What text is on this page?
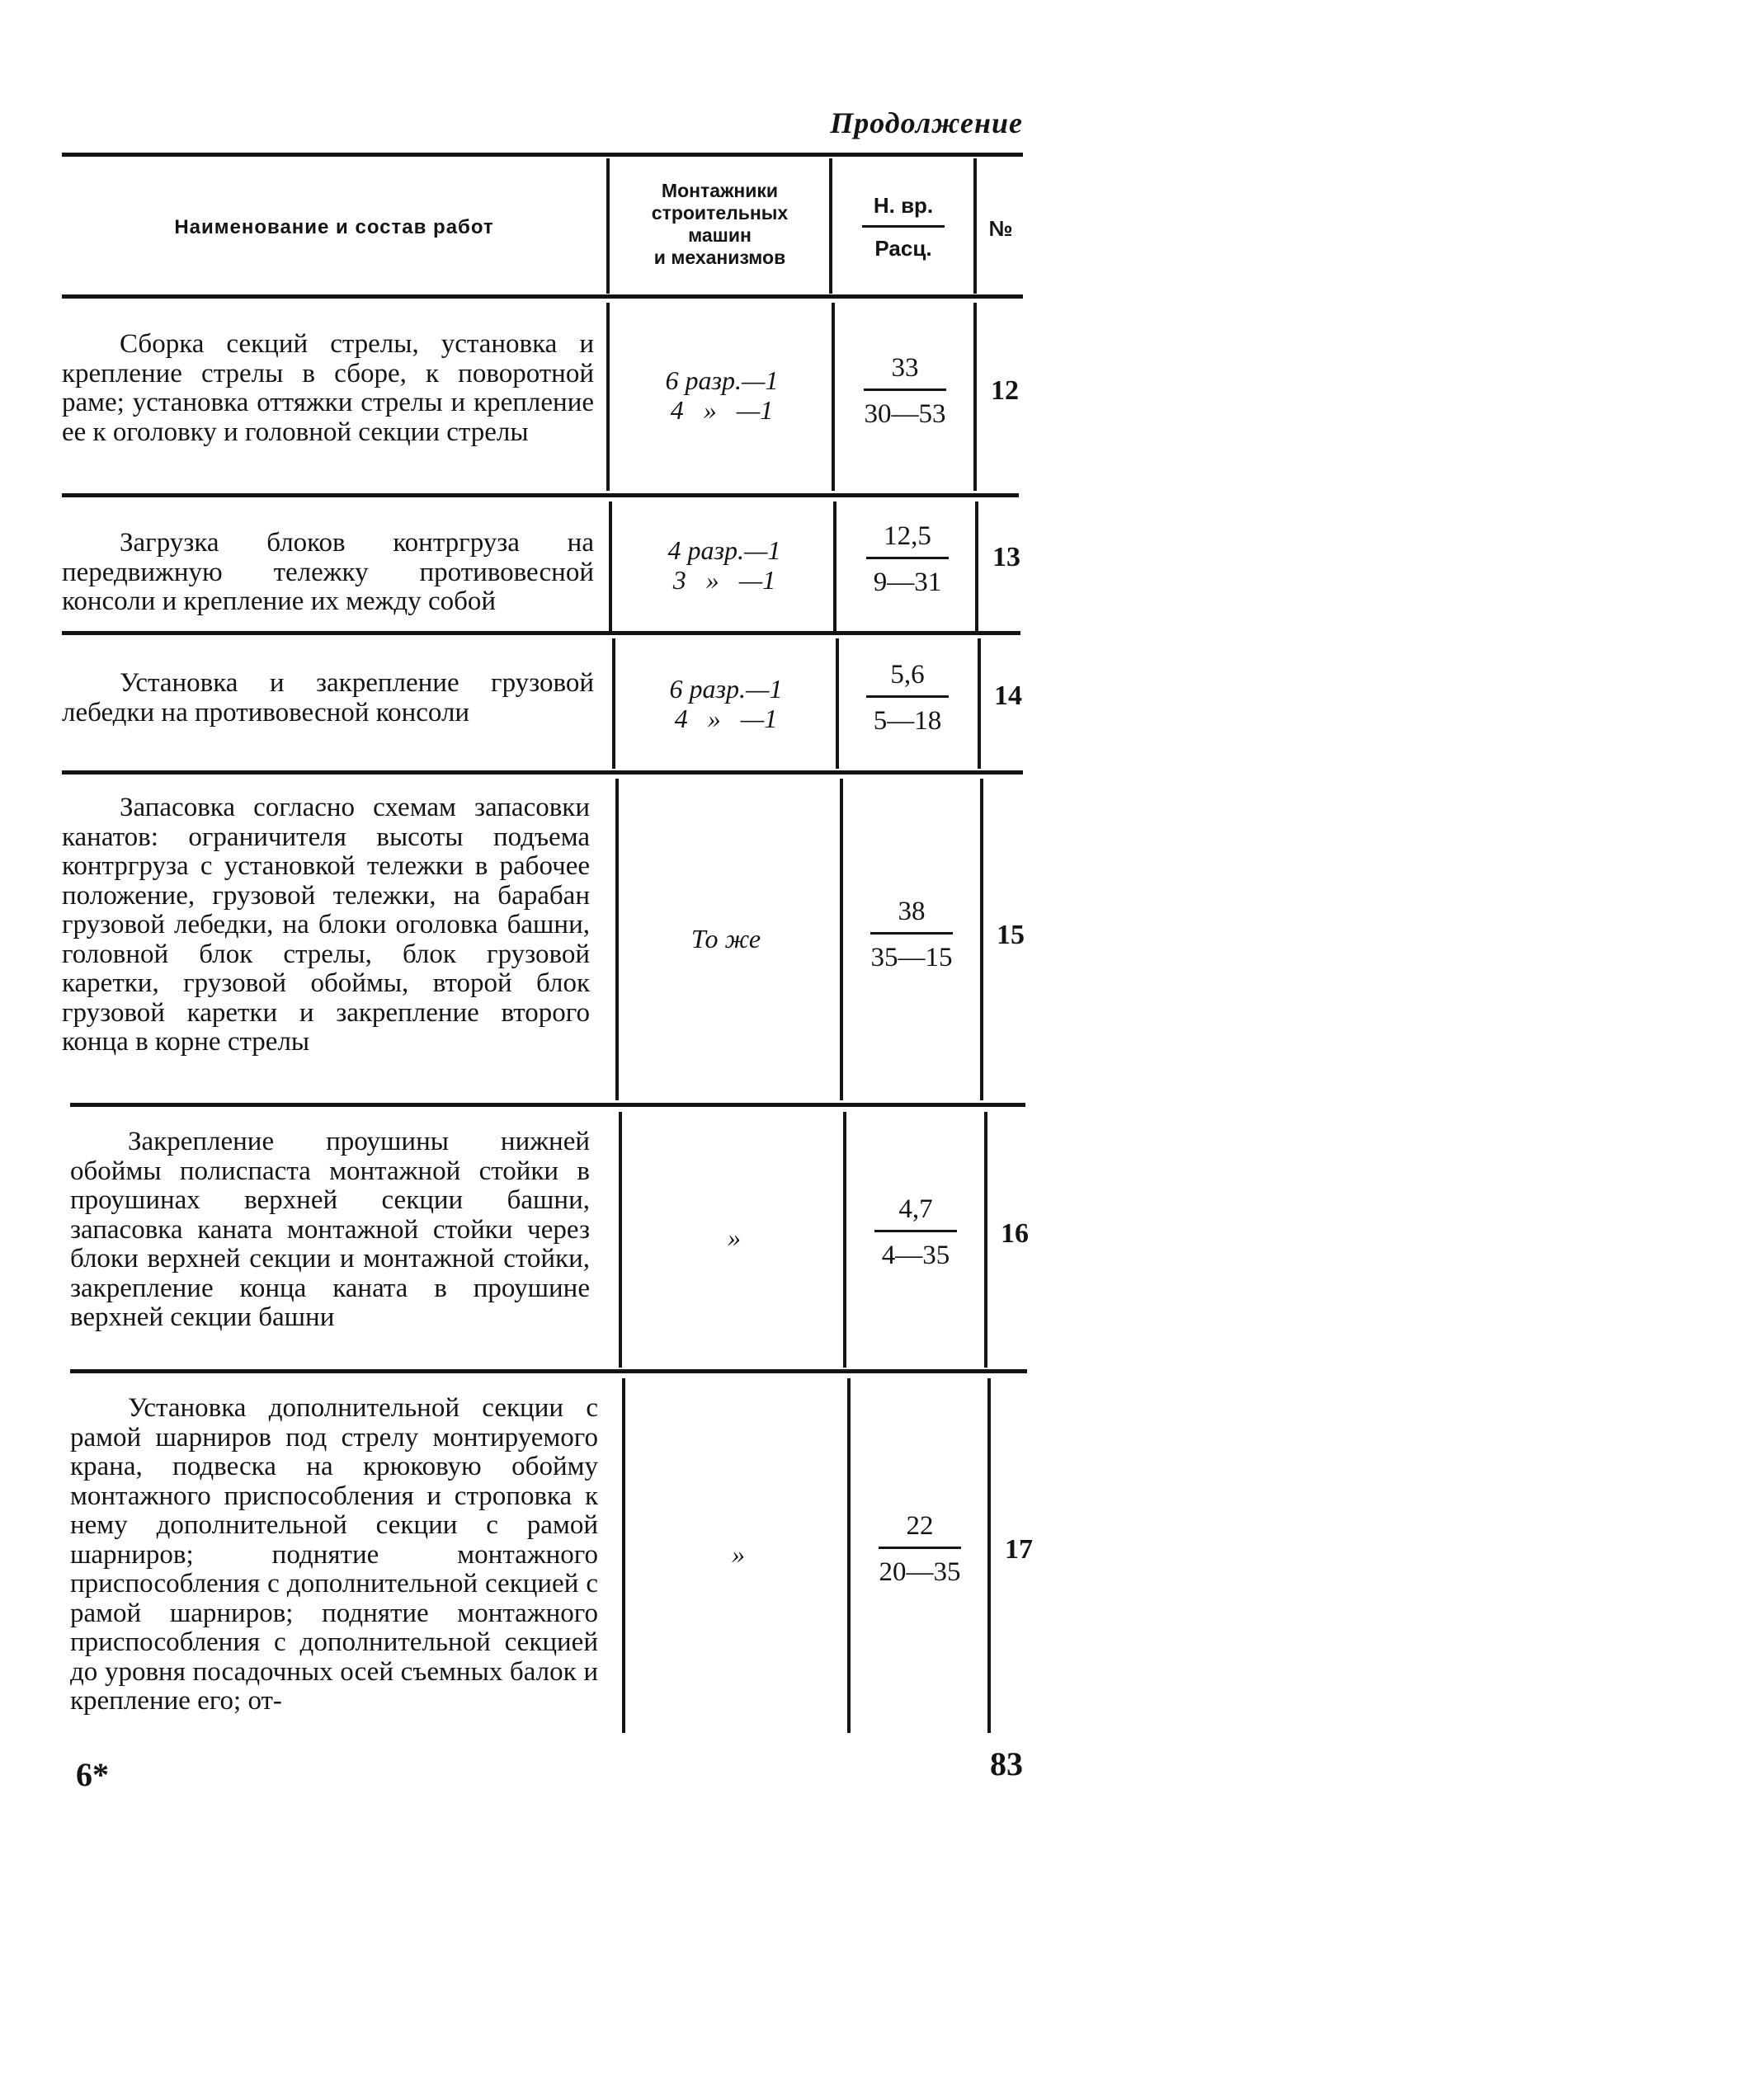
Продолжение
Наименование и состав работ
Монтажники
строительных
машин
и механизмов
Н. вр.
Расц.
№
Сборка секций стрелы, установка и крепление стрелы в сборе, к поворотной раме; установка оттяжки стрелы и крепление ее к оголовку и головной секции стрелы
6 разр.—1
4   »   —1
33
30—53
12
Загрузка блоков контргруза на передвижную тележку противовесной консоли и крепление их между собой
4 разр.—1
3   »   —1
12,5
9—31
13
Установка и закрепление грузовой лебедки на противовесной консоли
6 разр.—1
4   »   —1
5,6
5—18
14
Запасовка согласно схемам запасовки канатов: ограничителя высоты подъема контргруза с установкой тележки в рабочее положение, грузовой тележки, на барабан грузовой лебедки, на блоки оголовка башни, головной блок стрелы, блок грузовой каретки, грузовой обоймы, второй блок грузовой каретки и закрепление второго конца в корне стрелы
То же
38
35—15
15
Закрепление проушины нижней обоймы полиспаста монтажной стойки в проушинах верхней секции башни, запасовка каната монтажной стойки через блоки верхней секции и монтажной стойки, закрепление конца каната в проушине верхней секции башни
»
4,7
4—35
16
Установка дополнительной секции с рамой шарниров под стрелу монтируемого крана, подвеска на крюковую обойму монтажного приспособления и строповка к нему дополнительной секции с рамой шарниров; поднятие монтажного приспособления с дополнительной секцией с рамой шарниров; поднятие монтажного приспособления с дополнительной секцией до уровня посадочных осей съемных балок и крепление его; от-
»
22
20—35
17
6*	83
